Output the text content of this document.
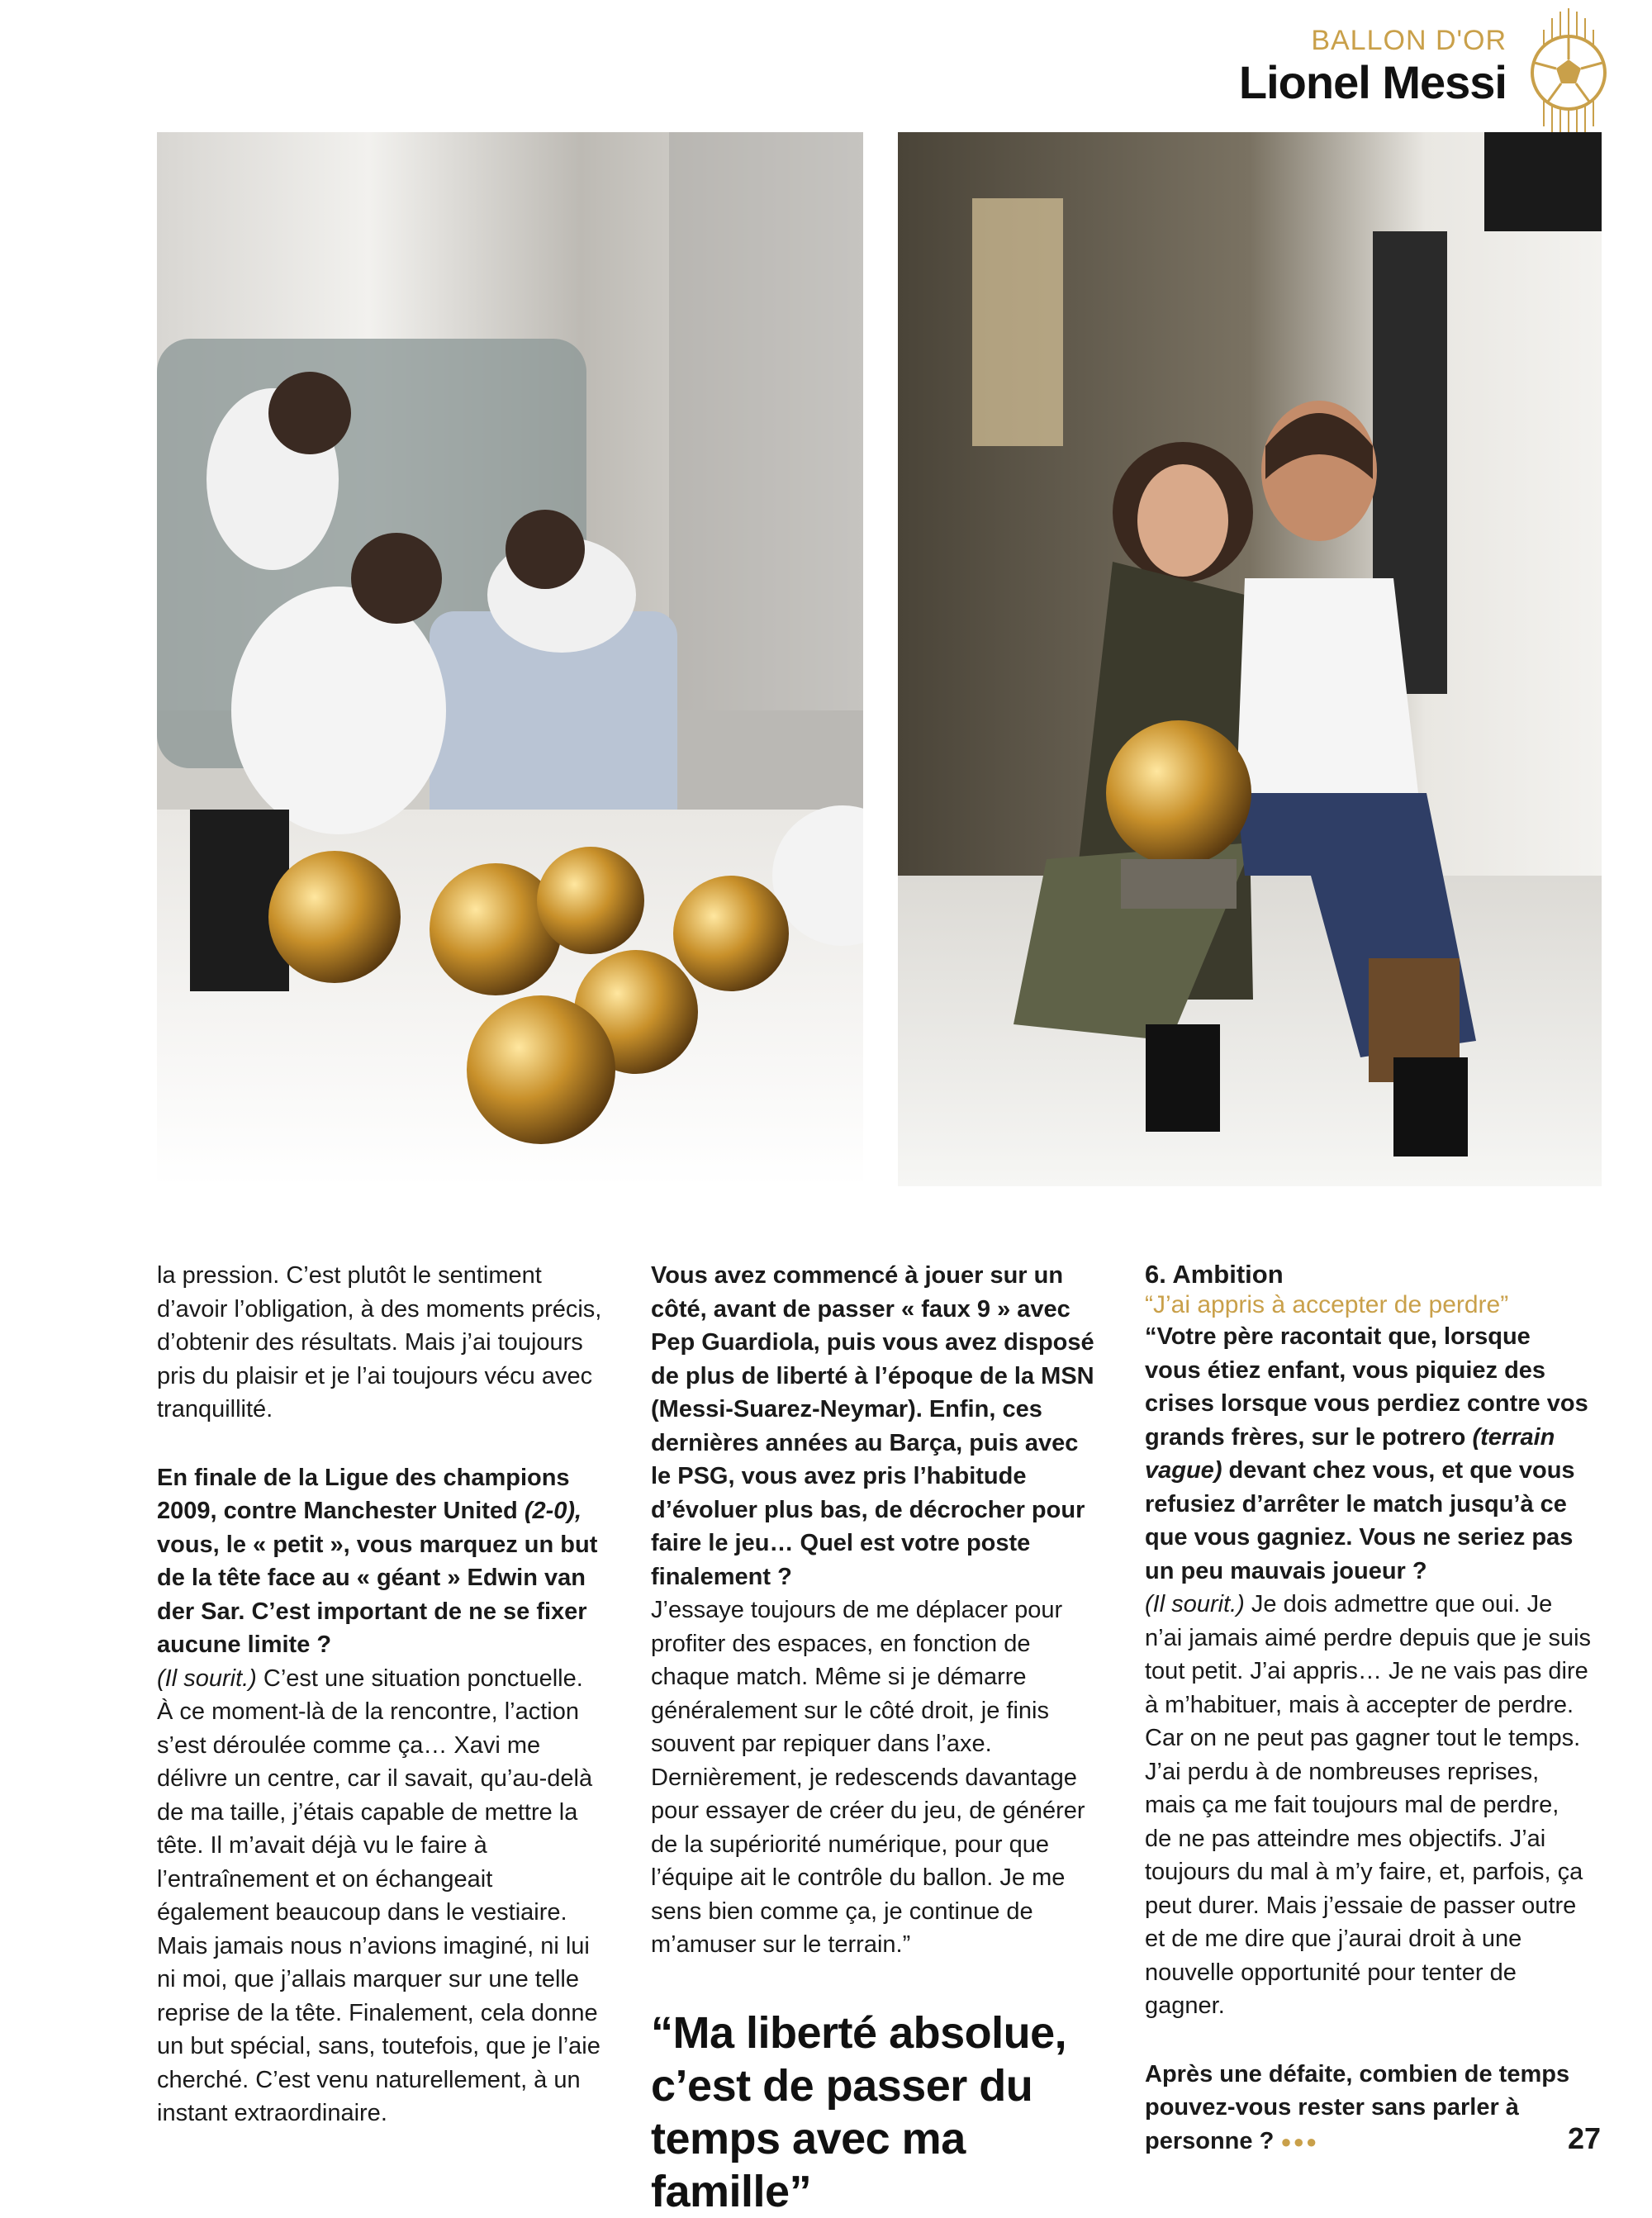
BALLON D'OR
Lionel Messi

la pression. C’est plutôt le sentiment d’avoir l’obligation, à des moments précis, d’obtenir des résultats. Mais j’ai toujours pris du plaisir et je l’ai toujours vécu avec tranquillité.

En finale de la Ligue des champions 2009, contre Manchester United (2-0), vous, le « petit », vous marquez un but de la tête face au « géant » Edwin van der Sar. C’est important de ne se fixer aucune limite ?

(Il sourit.) C’est une situation ponctuelle. À ce moment-là de la rencontre, l’action s’est déroulée comme ça… Xavi me délivre un centre, car il savait, qu’au-delà de ma taille, j’étais capable de mettre la tête. Il m’avait déjà vu le faire à l’entraînement et on échangeait également beaucoup dans le vestiaire. Mais jamais nous n’avions imaginé, ni lui ni moi, que j’allais marquer sur une telle reprise de la tête. Finalement, cela donne un but spécial, sans, toutefois, que je l’aie cherché. C’est venu naturellement, à un instant extraordinaire.

Vous avez commencé à jouer sur un côté, avant de passer « faux 9 » avec Pep Guardiola, puis vous avez disposé de plus de liberté à l’époque de la MSN (Messi-Suarez-Neymar). Enfin, ces dernières années au Barça, puis avec le PSG, vous avez pris l’habitude d’évoluer plus bas, de décrocher pour faire le jeu… Quel est votre poste finalement ?

J’essaye toujours de me déplacer pour profiter des espaces, en fonction de chaque match. Même si je démarre généralement sur le côté droit, je finis souvent par repiquer dans l’axe. Dernièrement, je redescends davantage pour essayer de créer du jeu, de générer de la supériorité numérique, pour que l’équipe ait le contrôle du ballon. Je me sens bien comme ça, je continue de m’amuser sur le terrain.”

“Ma liberté absolue, c’est de passer du temps avec ma famille”
6. Ambition
“J’ai appris à accepter de perdre”

“Votre père racontait que, lorsque vous étiez enfant, vous piquiez des crises lorsque vous perdiez contre vos grands frères, sur le potrero (terrain vague) devant chez vous, et que vous refusiez d’arrêter le match jusqu’à ce que vous gagniez. Vous ne seriez pas un peu mauvais joueur ?

(Il sourit.) Je dois admettre que oui. Je n’ai jamais aimé perdre depuis que je suis tout petit. J’ai appris… Je ne vais pas dire à m’habituer, mais à accepter de perdre. Car on ne peut pas gagner tout le temps. J’ai perdu à de nombreuses reprises, mais ça me fait toujours mal de perdre, de ne pas atteindre mes objectifs. J’ai toujours du mal à m’y faire, et, parfois, ça peut durer. Mais j’essaie de passer outre et de me dire que j’aurai droit à une nouvelle opportunité pour tenter de gagner.

Après une défaite, combien de temps pouvez-vous rester sans parler à personne ? ●●●	27
